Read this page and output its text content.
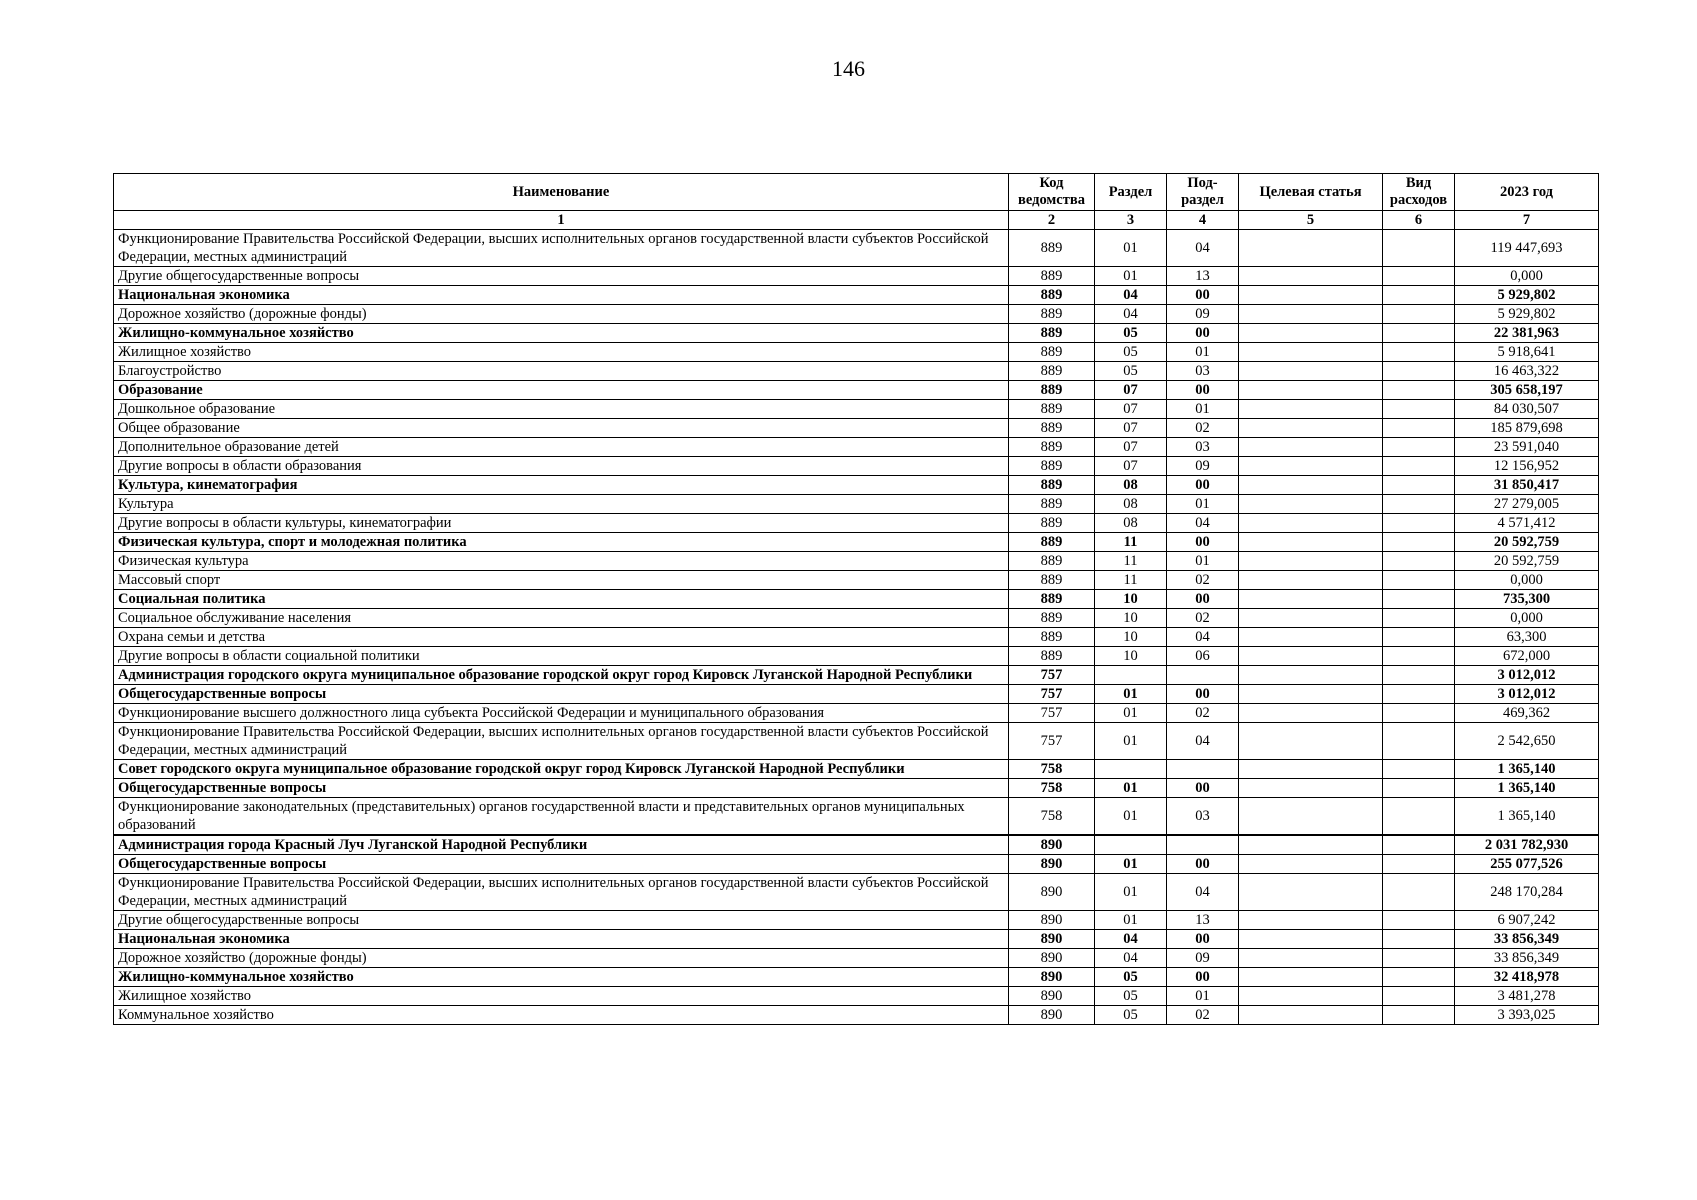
146
Наименование	Код ведомства	Раздел	Под-раздел	Целевая статья	Вид расходов	2023 год
1	2	3	4	5	6	7
Функционирование Правительства Российской Федерации, высших исполнительных органов государственной власти субъектов Российской Федерации, местных администраций	889	01	04			119 447,693
Другие общегосударственные вопросы	889	01	13			0,000
Национальная экономика	889	04	00			5 929,802
Дорожное хозяйство (дорожные фонды)	889	04	09			5 929,802
Жилищно-коммунальное хозяйство	889	05	00			22 381,963
Жилищное хозяйство	889	05	01			5 918,641
Благоустройство	889	05	03			16 463,322
Образование	889	07	00			305 658,197
Дошкольное образование	889	07	01			84 030,507
Общее образование	889	07	02			185 879,698
Дополнительное образование детей	889	07	03			23 591,040
Другие вопросы в области образования	889	07	09			12 156,952
Культура, кинематография	889	08	00			31 850,417
Культура	889	08	01			27 279,005
Другие вопросы в области культуры, кинематографии	889	08	04			4 571,412
Физическая культура, спорт и молодежная политика	889	11	00			20 592,759
Физическая культура	889	11	01			20 592,759
Массовый спорт	889	11	02			0,000
Социальная политика	889	10	00			735,300
Социальное обслуживание населения	889	10	02			0,000
Охрана семьи и детства	889	10	04			63,300
Другие вопросы в области социальной политики	889	10	06			672,000
Администрация городского округа муниципальное образование городской округ город Кировск Луганской Народной Республики	757					3 012,012
Общегосударственные вопросы	757	01	00			3 012,012
Функционирование высшего должностного лица субъекта Российской Федерации и муниципального образования	757	01	02			469,362
Функционирование Правительства Российской Федерации, высших исполнительных органов государственной власти субъектов Российской Федерации, местных администраций	757	01	04			2 542,650
Совет городского округа муниципальное образование городской округ город Кировск Луганской Народной Республики	758					1 365,140
Общегосударственные вопросы	758	01	00			1 365,140
Функционирование законодательных (представительных) органов государственной власти и представительных органов муниципальных образований	758	01	03			1 365,140

Администрация города Красный Луч Луганской Народной Республики	890					2 031 782,930
Общегосударственные вопросы	890	01	00			255 077,526
Функционирование Правительства Российской Федерации, высших исполнительных органов государственной власти субъектов Российской Федерации, местных администраций	890	01	04			248 170,284
Другие общегосударственные вопросы	890	01	13			6 907,242
Национальная экономика	890	04	00			33 856,349
Дорожное хозяйство (дорожные фонды)	890	04	09			33 856,349
Жилищно-коммунальное хозяйство	890	05	00			32 418,978
Жилищное хозяйство	890	05	01			3 481,278
Коммунальное хозяйство	890	05	02			3 393,025
